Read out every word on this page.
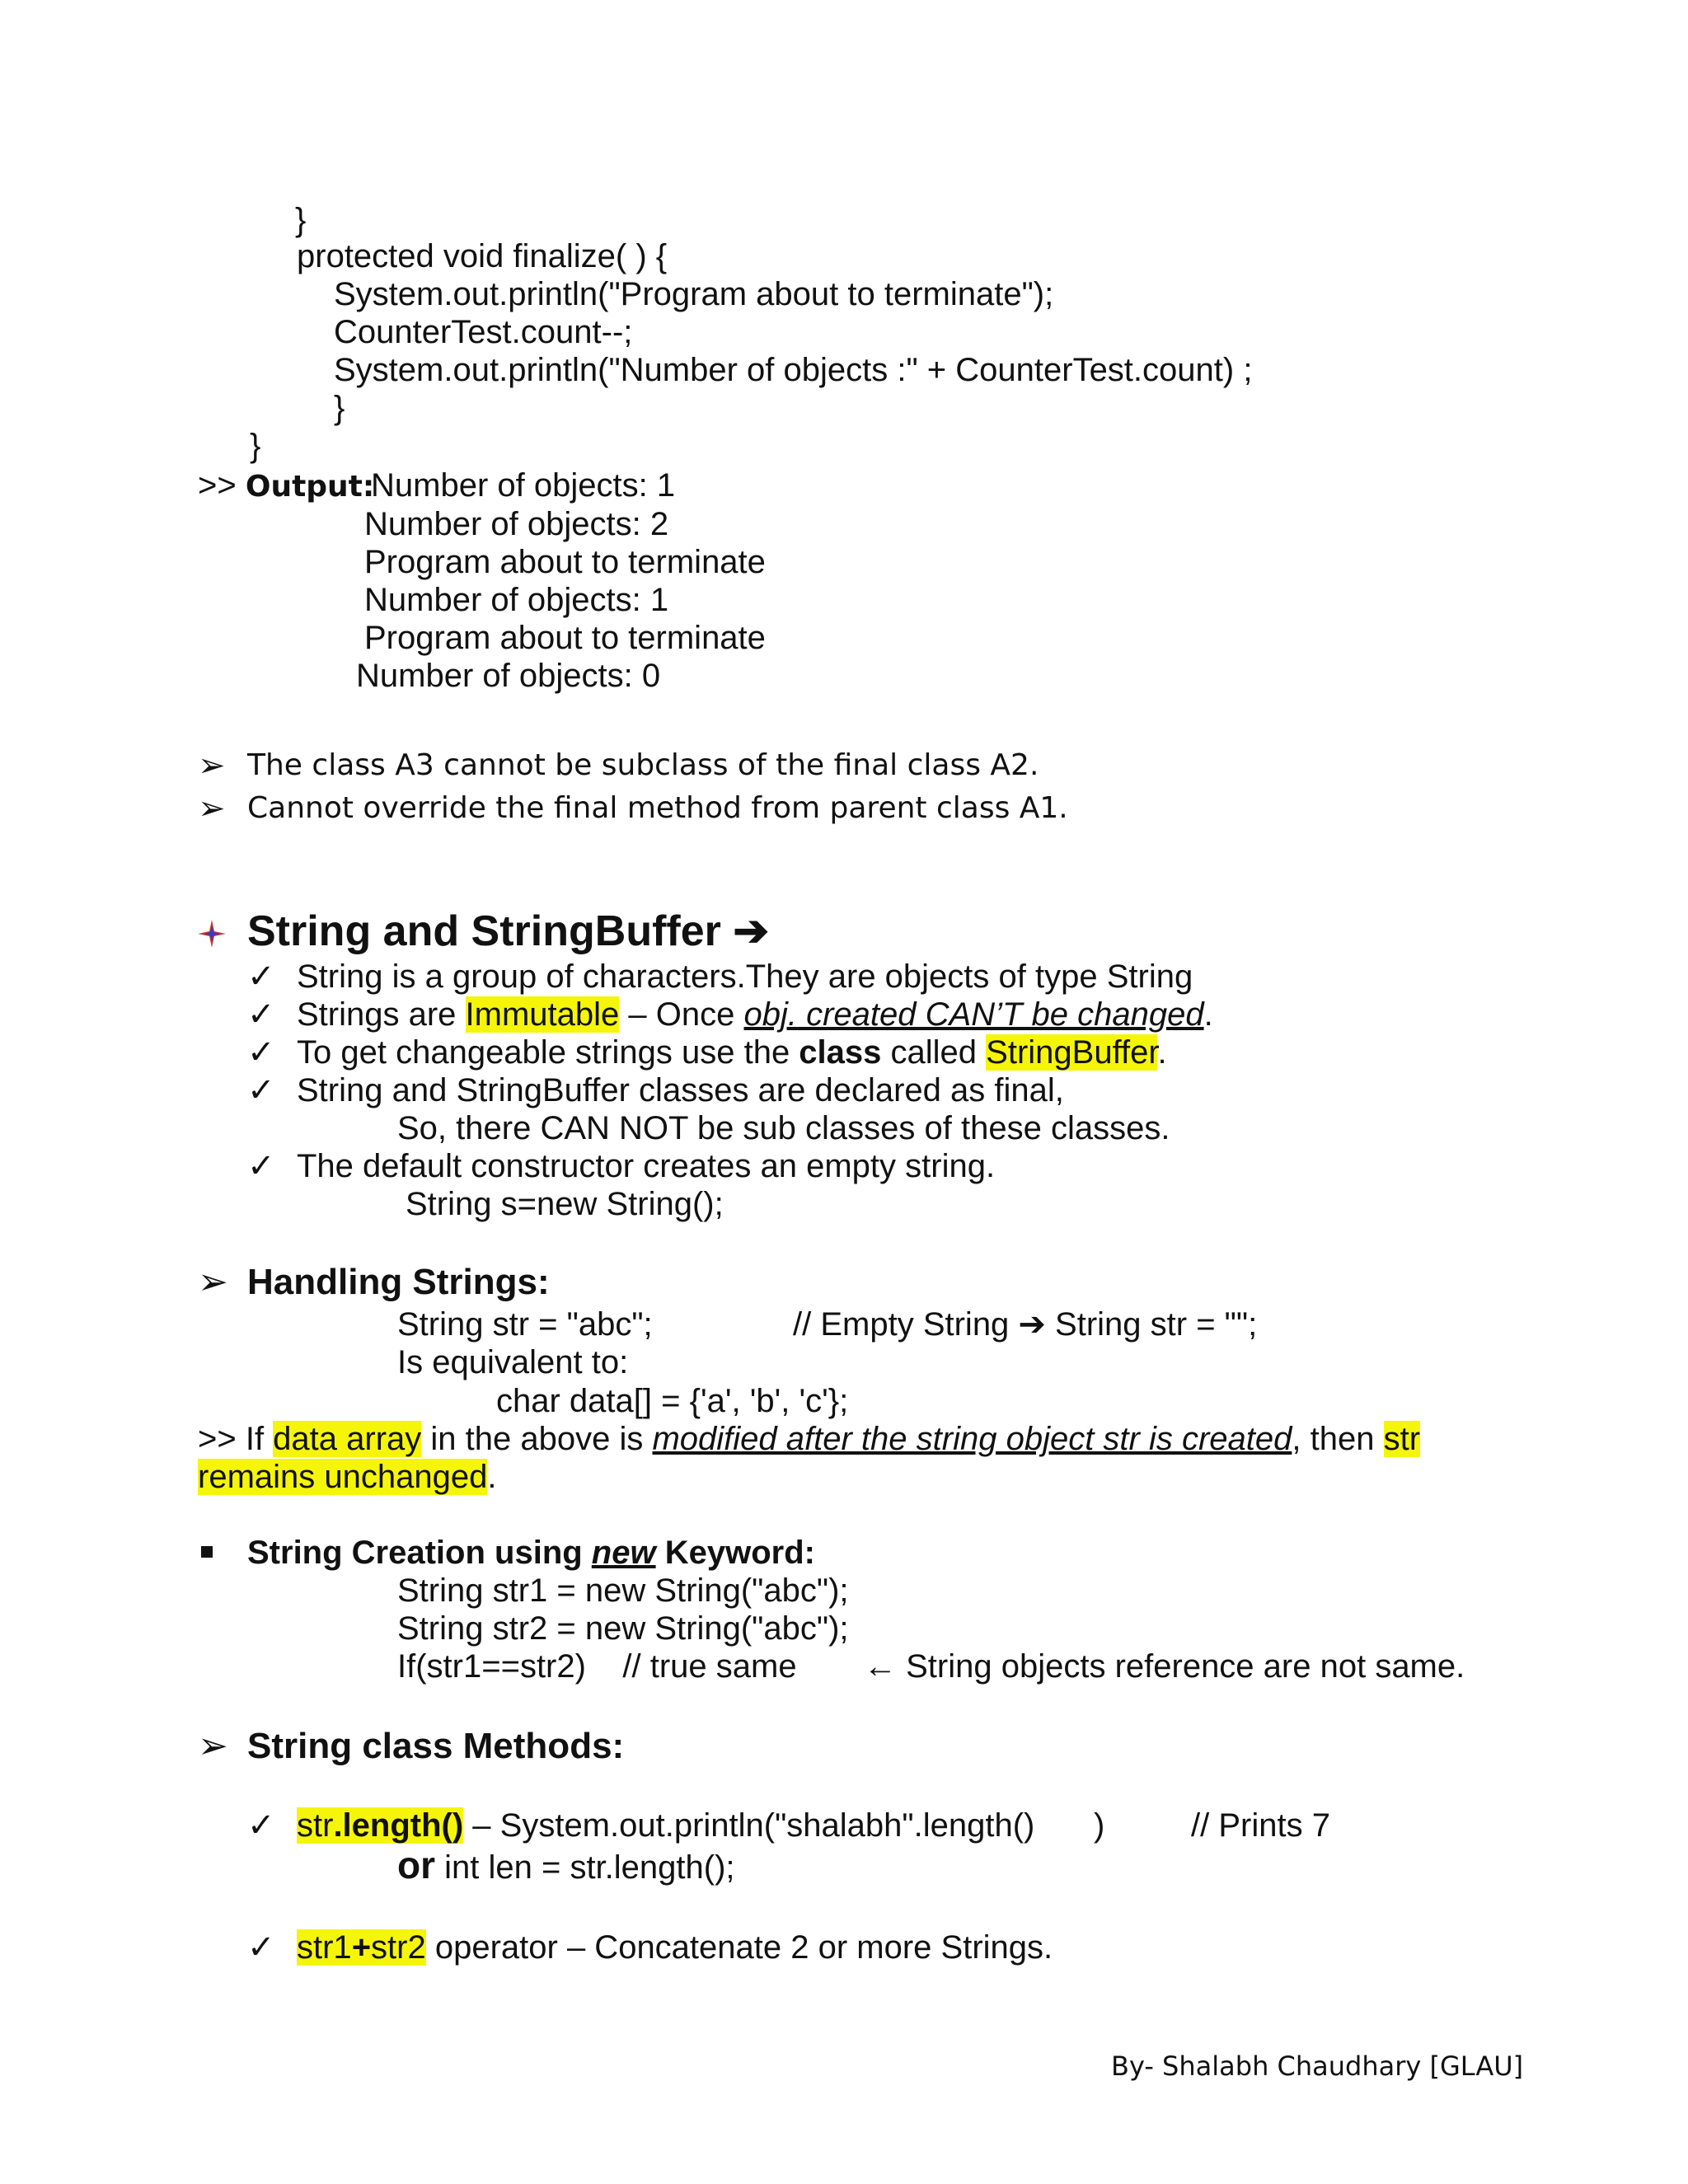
}
protected void finalize( ) {
System.out.println("Program about to terminate");
CounterTest.count--;
System.out.println("Number of objects :" + CounterTest.count) ;
}
}
>> Output:
Number of objects: 1
Number of objects: 2
Program about to terminate
Number of objects: 1
Program about to terminate
Number of objects: 0
➢ The class A3 cannot be subclass of the final class A2.
➢ Cannot override the final method from parent class A1.
String and StringBuffer ➔
✓ String is a group of characters.They are objects of type String
✓ Strings are Immutable – Once obj. created CAN’T be changed.
✓ To get changeable strings use the class called StringBuffer.
✓ String and StringBuffer classes are declared as final,
So, there CAN NOT be sub classes of these classes.
✓ The default constructor creates an empty string.
String s=new String();
➢ Handling Strings:
String str = "abc";	// Empty String ➔ String str = "";
Is equivalent to:
char data[] = {'a', 'b', 'c'};
>> If data array in the above is modified after the string object str is created, then str
remains unchanged.
String Creation using new Keyword:
String str1 = new String("abc");
String str2 = new String("abc");
If(str1==str2)    // true same ← String objects reference are not same.
➢ String class Methods:
✓ str.length() – System.out.println("shalabh".length() )	// Prints 7
or int len = str.length();
✓ str1+str2 operator – Concatenate 2 or more Strings.
By- Shalabh Chaudhary [GLAU]
